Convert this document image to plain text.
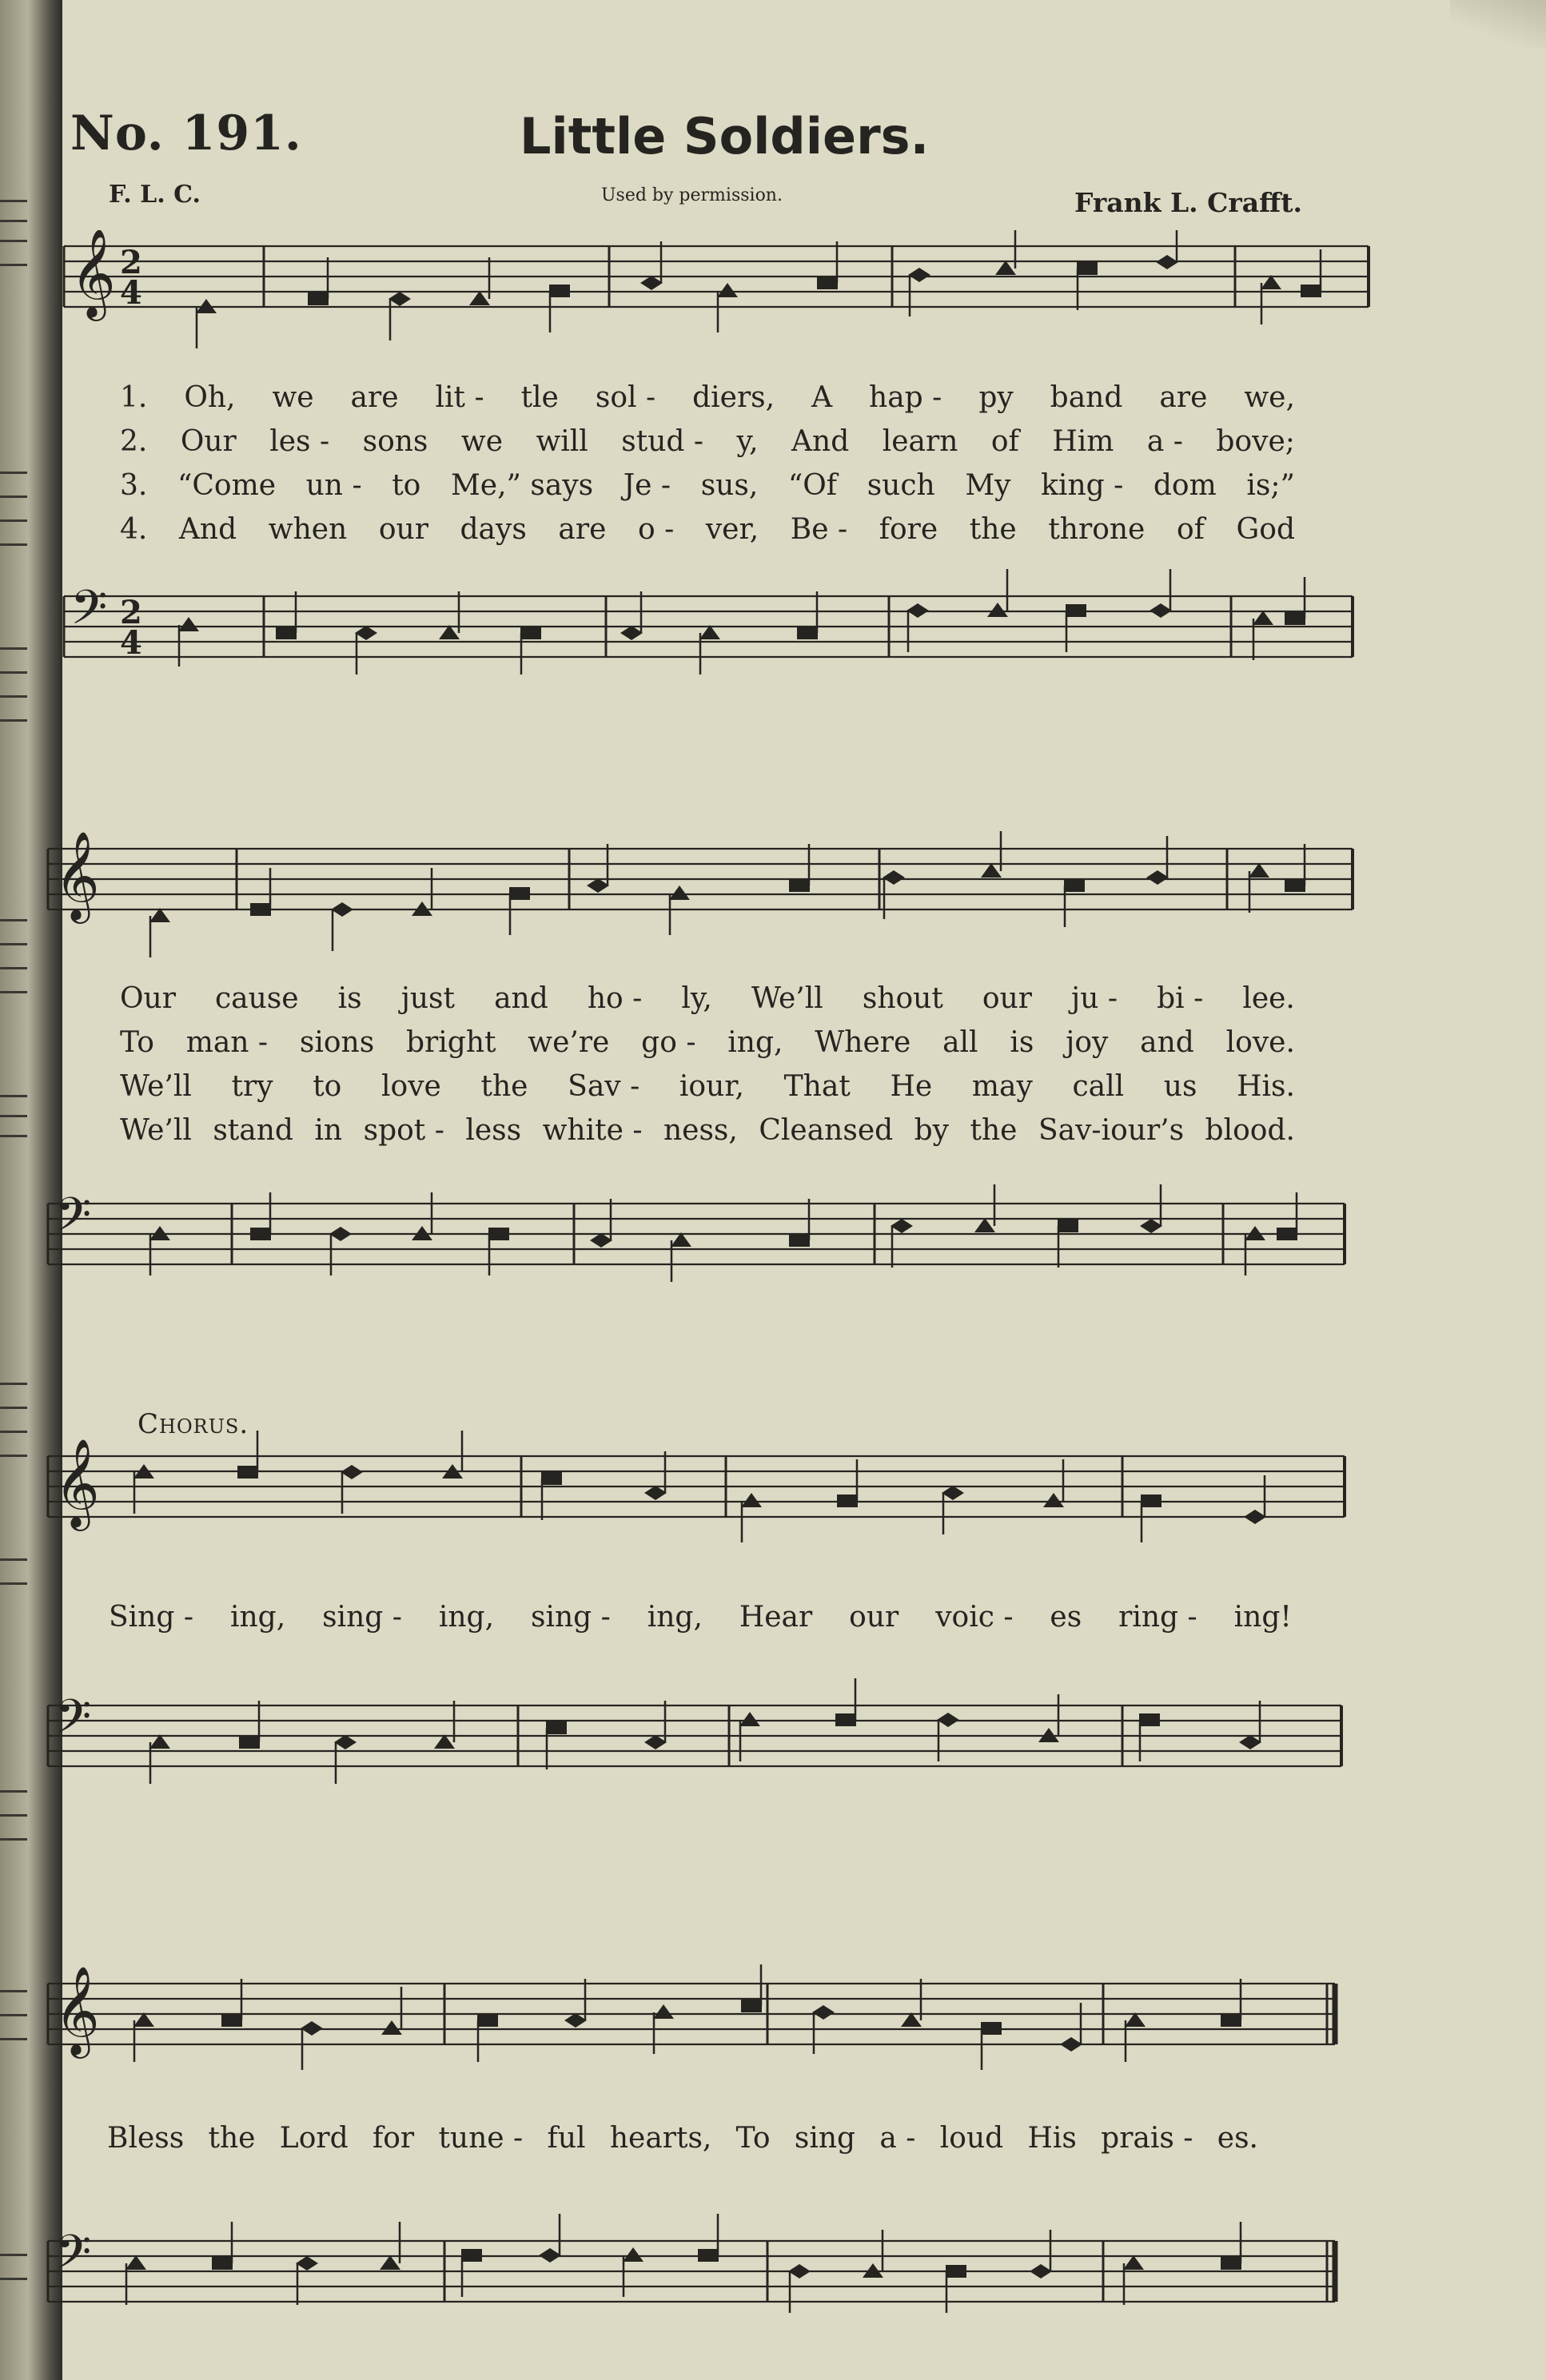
No. 191.	Little Soldiers.
F. L. C.	Used by permission.	Frank L. Crafft.
𝄞 2
4
𝄢 2
4
𝄞
𝄢
𝄞
𝄢
𝄞
𝄢
1. Oh, we are lit - tle sol - diers, A hap - py band are we,
2. Our les - sons we will stud - y, And learn of Him a - bove;
3. “Come un - to Me,” says Je - sus, “Of such My king - dom is;”
4. And when our days are o - ver, Be - fore the throne of God
Our cause is just and ho - ly, We’ll shout our ju - bi - lee.
To man - sions bright we’re go - ing, Where all is joy and love.
We’ll try to love the Sav - iour, That He may call us His.
We’ll stand in spot - less white - ness, Cleansed by the Sav-iour’s blood.
Chorus.
Sing - ing, sing - ing, sing - ing, Hear our voic - es ring - ing!
Bless the Lord for tune - ful hearts, To sing a - loud His prais - es.
